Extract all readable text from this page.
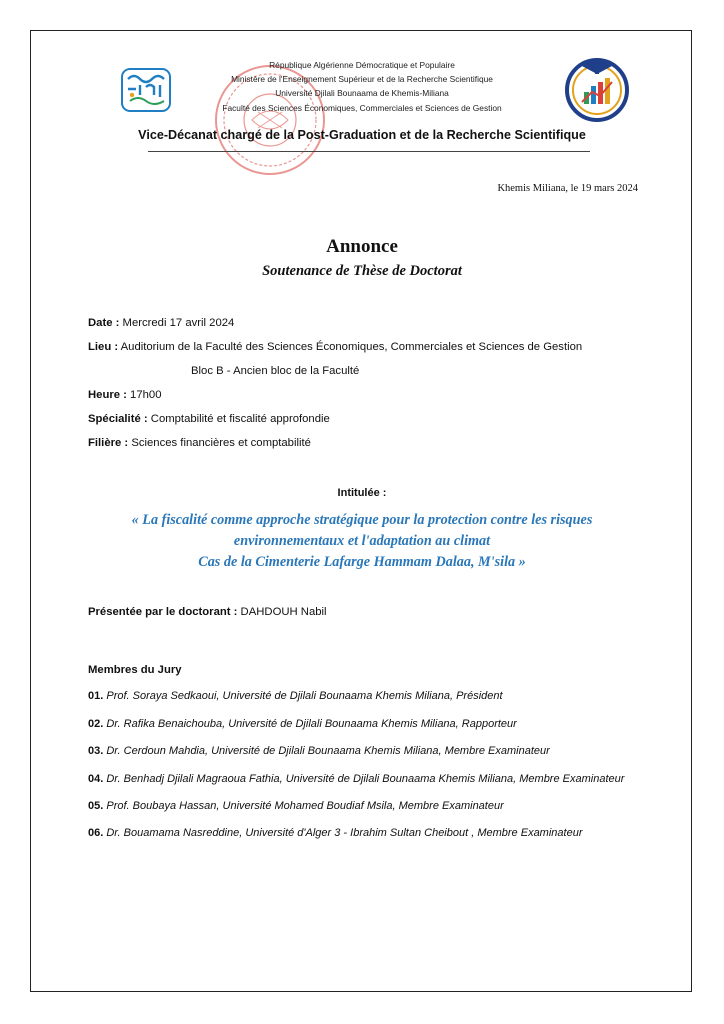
République Algérienne Démocratique et Populaire
Ministère de l'Enseignement Supérieur et de la Recherche Scientifique
Université Djilali Bounaama de Khemis-Miliana
Faculté des Sciences Économiques, Commerciales et Sciences de Gestion
Vice-Décanat chargé de la Post-Graduation et de la Recherche Scientifique
Khemis Miliana, le 19 mars 2024
Annonce
Soutenance de Thèse de Doctorat
Date : Mercredi 17 avril 2024
Lieu : Auditorium de la Faculté des Sciences Économiques, Commerciales et Sciences de Gestion
Bloc B - Ancien bloc de la Faculté
Heure : 17h00
Spécialité : Comptabilité et fiscalité approfondie
Filière : Sciences financières et comptabilité
Intitulée :
« La fiscalité comme approche stratégique pour la protection contre les risques
environnementaux et l'adaptation au climat
Cas de la Cimenterie Lafarge Hammam Dalaa, M'sila »
Présentée par le doctorant : DAHDOUH Nabil
Membres du Jury
01. Prof. Soraya Sedkaoui, Université de Djilali Bounaama Khemis Miliana, Président
02. Dr. Rafika Benaichouba, Université de Djilali Bounaama Khemis Miliana, Rapporteur
03. Dr. Cerdoun Mahdia, Université de Djilali Bounaama Khemis Miliana, Membre Examinateur
04. Dr. Benhadj Djilali Magraoua Fathia, Université de Djilali Bounaama Khemis Miliana, Membre Examinateur
05. Prof. Boubaya Hassan, Université Mohamed Boudiaf Msila, Membre Examinateur
06. Dr. Bouamama Nasreddine, Université d'Alger 3 - Ibrahim Sultan Cheibout , Membre Examinateur
